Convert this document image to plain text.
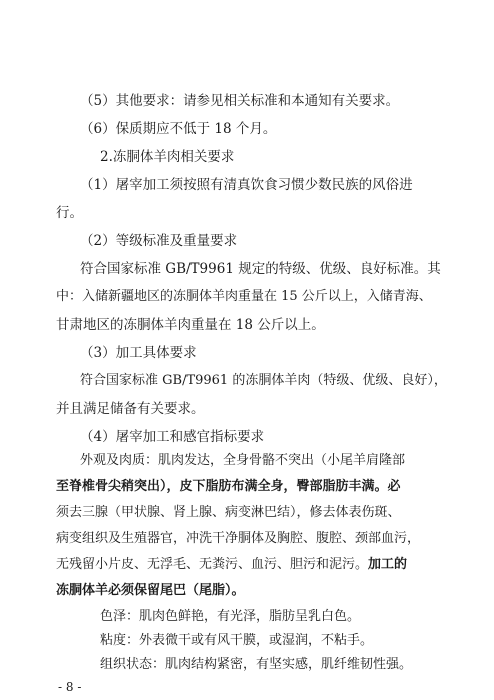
（5）其他要求：请参见相关标准和本通知有关要求。
（6）保质期应不低于 18 个月。
2.冻胴体羊肉相关要求
（1）屠宰加工须按照有清真饮食习惯少数民族的风俗进
行。
（2）等级标准及重量要求
符合国家标准 GB/T9961 规定的特级、优级、良好标准。其
中：入储新疆地区的冻胴体羊肉重量在 15 公斤以上，入储青海、
甘肃地区的冻胴体羊肉重量在 18 公斤以上。
（3）加工具体要求
符合国家标准 GB/T9961 的冻胴体羊肉（特级、优级、良好），
并且满足储备有关要求。
（4）屠宰加工和感官指标要求
外观及肉质：肌肉发达，全身骨骼不突出（小尾羊肩隆部
至脊椎骨尖稍突出），皮下脂肪布满全身，臀部脂肪丰满。必
须去三腺（甲状腺、肾上腺、病变淋巴结），修去体表伤斑、
病变组织及生殖器官，冲洗干净胴体及胸腔、腹腔、颈部血污，
无残留小片皮、无浮毛、无粪污、血污、胆污和泥污。加工的
冻胴体羊必须保留尾巴（尾脂）。
色泽：肌肉色鲜艳，有光泽，脂肪呈乳白色。
粘度：外表微干或有风干膜，或湿润，不粘手。
组织状态：肌肉结构紧密，有坚实感，肌纤维韧性强。
- 8 -
